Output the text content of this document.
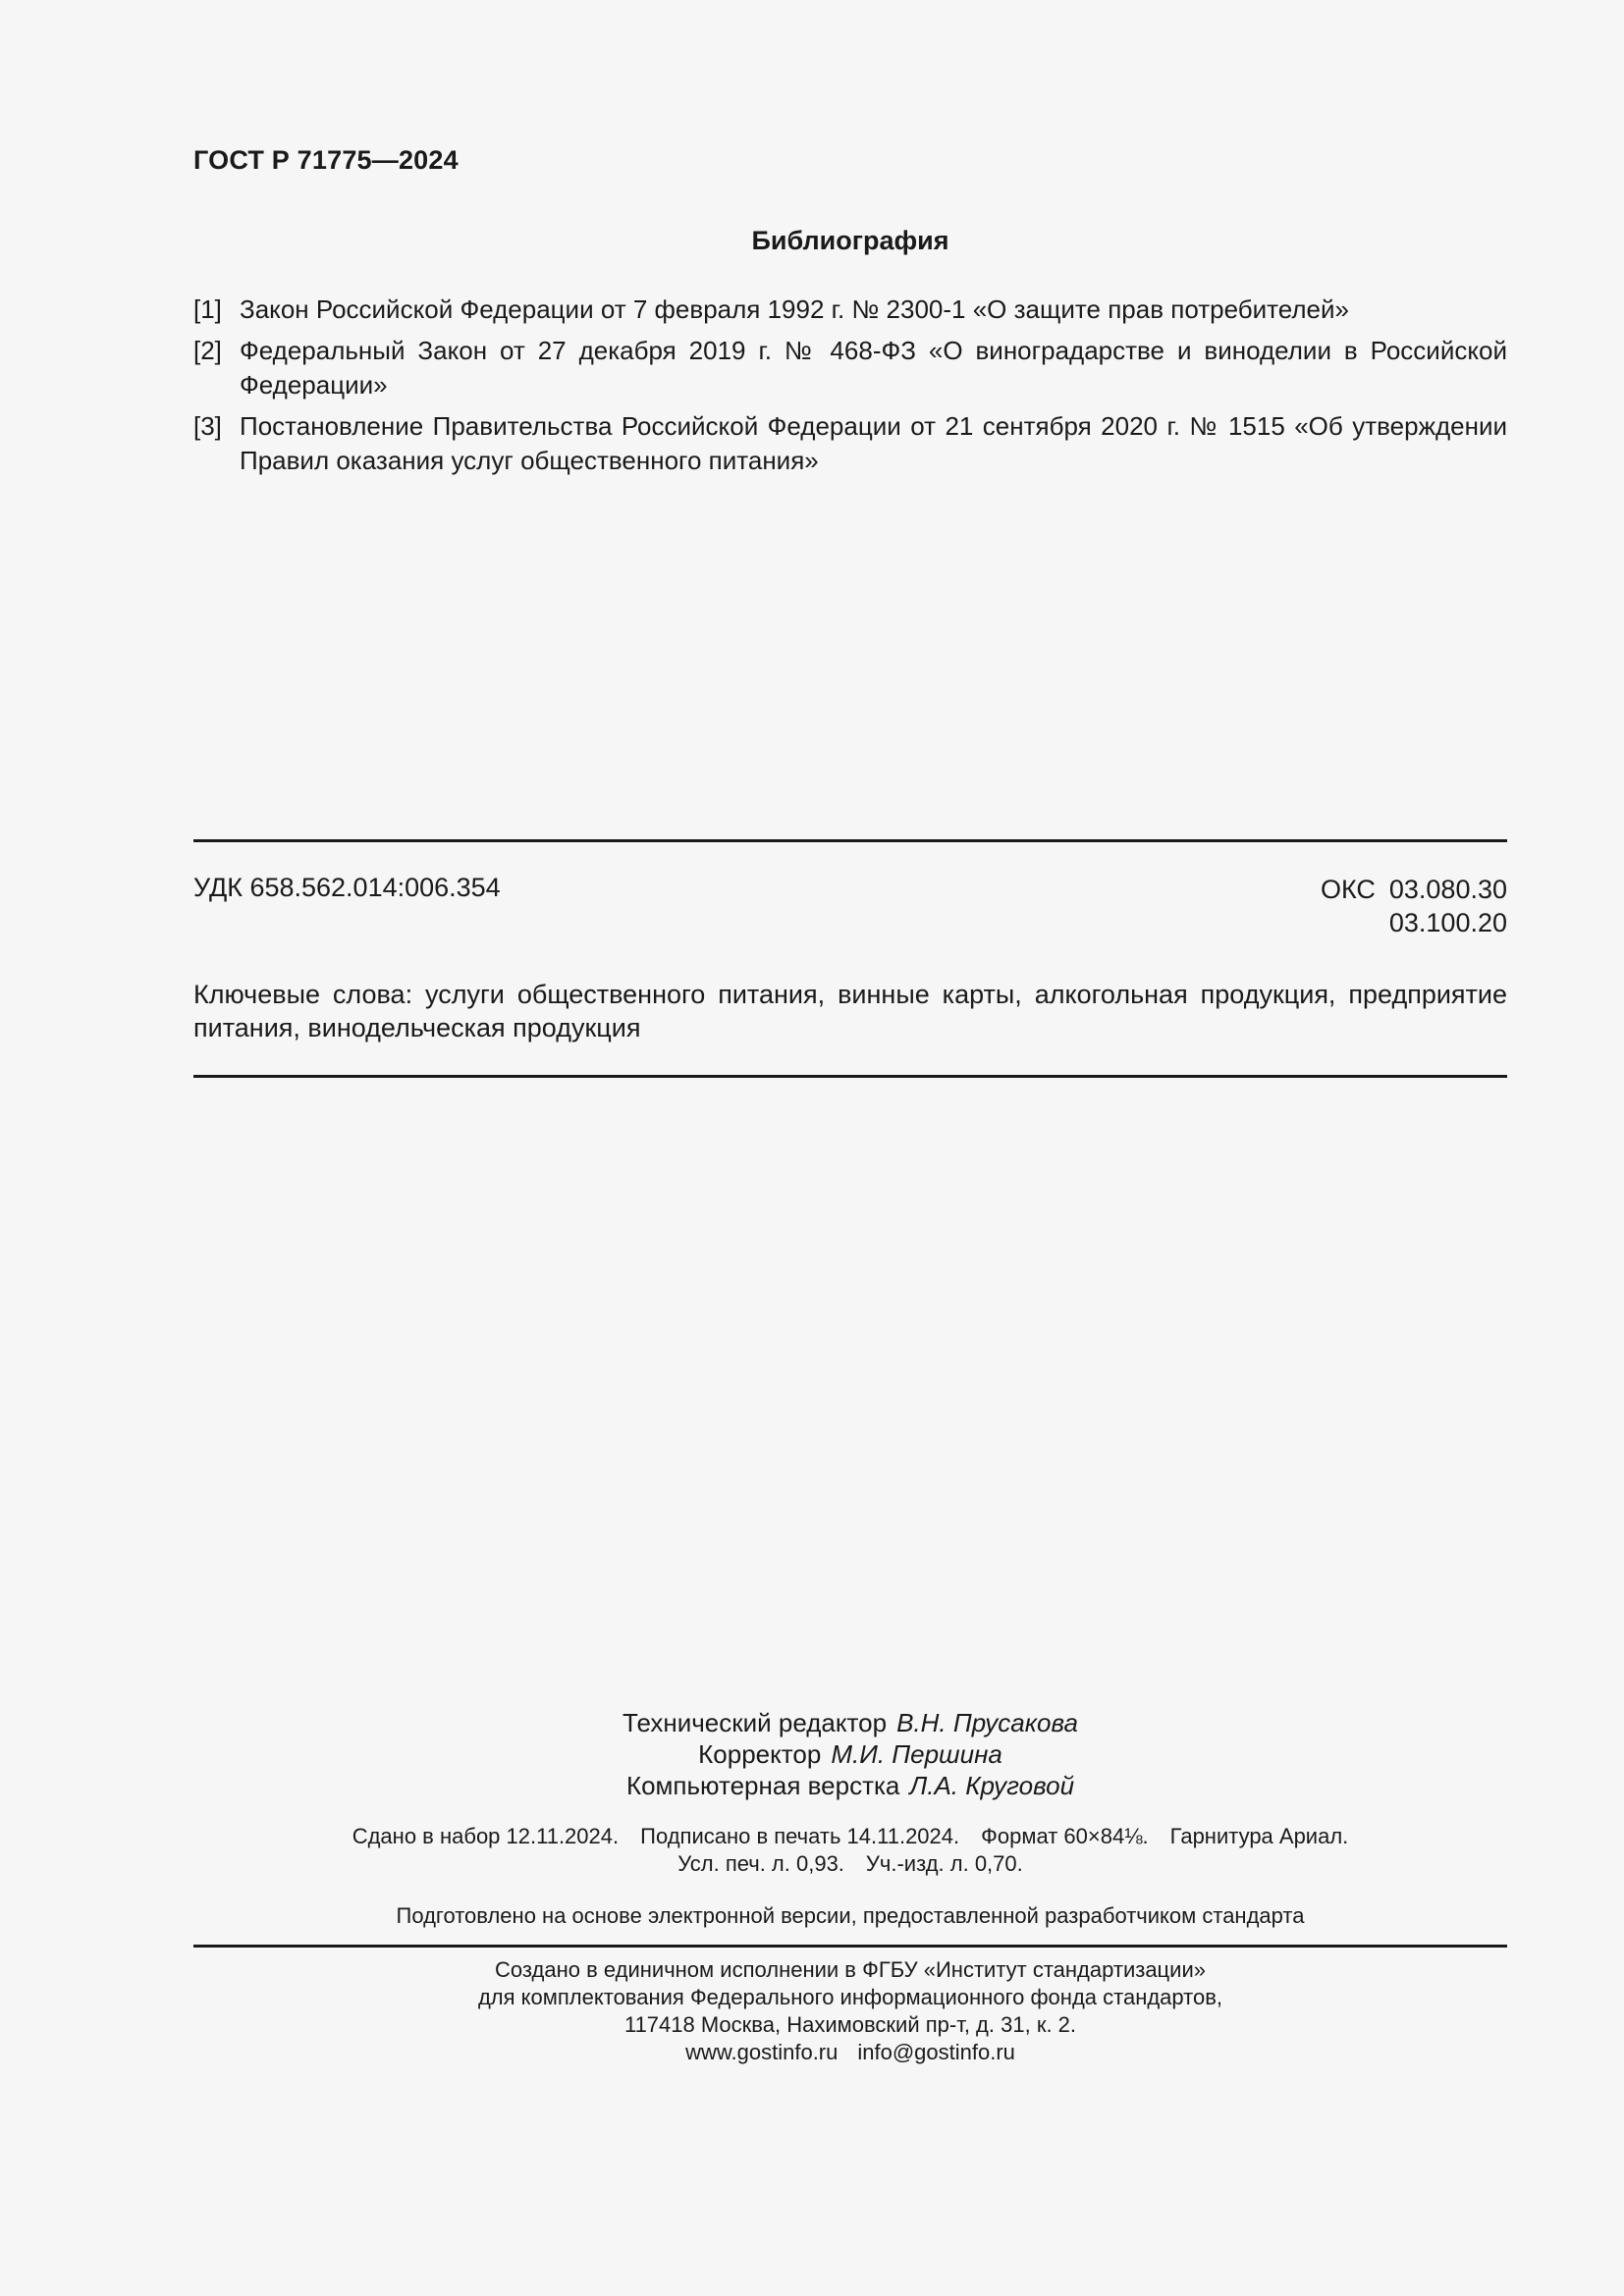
ГОСТ Р 71775—2024
Библиография
[1] Закон Российской Федерации от 7 февраля 1992 г. № 2300-1 «О защите прав потребителей»
[2] Федеральный Закон от 27 декабря 2019 г. № 468-ФЗ «О виноградарстве и виноделии в Российской Федерации»
[3] Постановление Правительства Российской Федерации от 21 сентября 2020 г. № 1515 «Об утверждении Правил оказания услуг общественного питания»
УДК 658.562.014:006.354	ОКС 03.080.30
03.100.20
Ключевые слова: услуги общественного питания, винные карты, алкогольная продукция, предприятие питания, винодельческая продукция
Технический редактор В.Н. Прусакова
Корректор М.И. Першина
Компьютерная верстка Л.А. Круговой
Сдано в набор 12.11.2024. Подписано в печать 14.11.2024. Формат 60×84⅛. Гарнитура Ариал.
Усл. печ. л. 0,93. Уч.-изд. л. 0,70.
Подготовлено на основе электронной версии, предоставленной разработчиком стандарта
Создано в единичном исполнении в ФГБУ «Институт стандартизации»
для комплектования Федерального информационного фонда стандартов,
117418 Москва, Нахимовский пр-т, д. 31, к. 2.
www.gostinfo.ru info@gostinfo.ru
